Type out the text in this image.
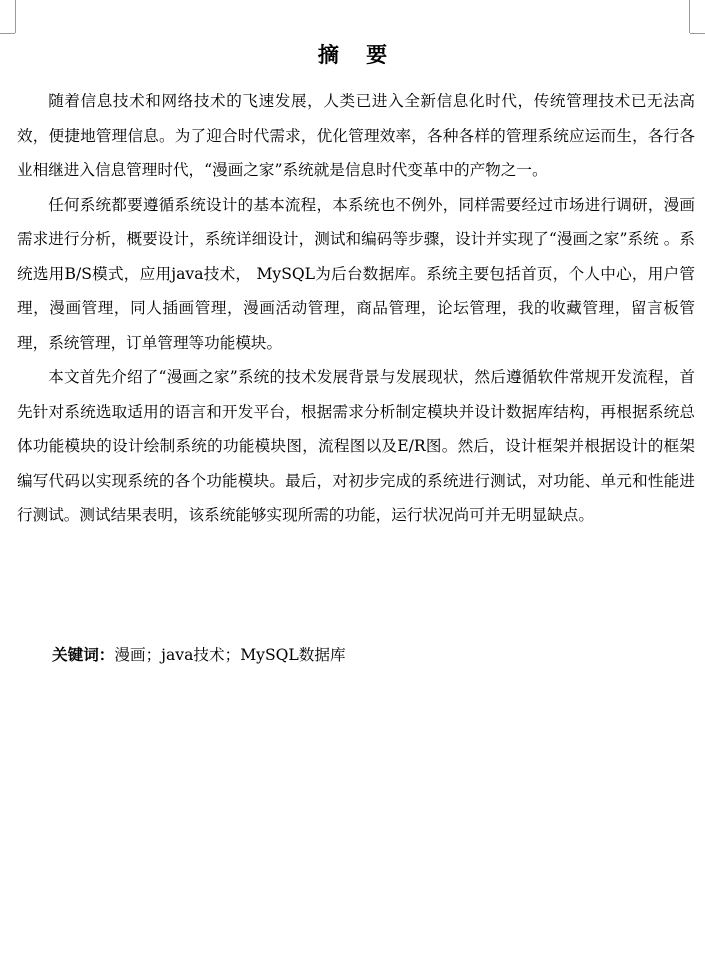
摘 要

随着信息技术和网络技术的飞速发展，人类已进入全新信息化时代，传统管理技术已无法高效，便捷地管理信息。为了迎合时代需求，优化管理效率，各种各样的管理系统应运而生，各行各业相继进入信息管理时代，“漫画之家”系统就是信息时代变革中的产物之一。

任何系统都要遵循系统设计的基本流程，本系统也不例外，同样需要经过市场进行调研，漫画需求进行分析，概要设计，系统详细设计，测试和编码等步骤，设计并实现了“漫画之家”系统 。系统选用B/S模式，应用java技术， MySQL为后台数据库。系统主要包括首页，个人中心，用户管理，漫画管理，同人插画管理，漫画活动管理，商品管理，论坛管理，我的收藏管理，留言板管理，系统管理，订单管理等功能模块。

本文首先介绍了“漫画之家”系统的技术发展背景与发展现状，然后遵循软件常规开发流程，首先针对系统选取适用的语言和开发平台，根据需求分析制定模块并设计数据库结构，再根据系统总体功能模块的设计绘制系统的功能模块图，流程图以及E/R图。然后，设计框架并根据设计的框架编写代码以实现系统的各个功能模块。最后，对初步完成的系统进行测试，对功能、单元和性能进行测试。测试结果表明，该系统能够实现所需的功能，运行状况尚可并无明显缺点。

关键词：漫画；java技术；MySQL数据库
